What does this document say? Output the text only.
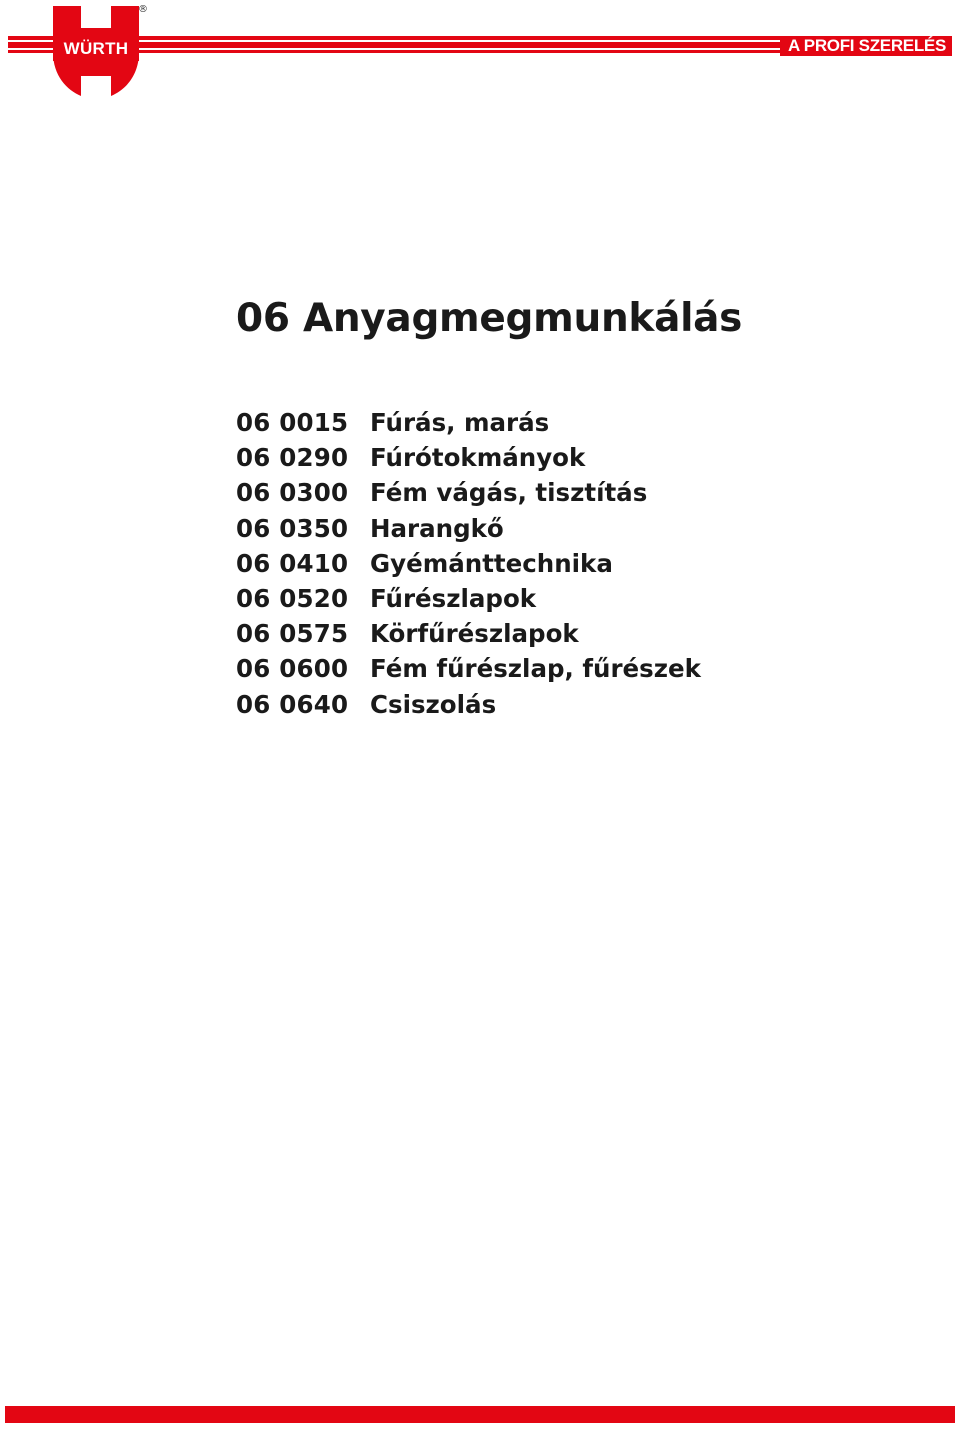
WÜRTH
®
A PROFI SZERELÉS
06 Anyagmegmunkálás
06 0015 Fúrás, marás
06 0290 Fúrótokmányok
06 0300 Fém vágás, tisztítás
06 0350 Harangkő
06 0410 Gyémánttechnika
06 0520 Fűrészlapok
06 0575 Körfűrészlapok
06 0600 Fém fűrészlap, fűrészek
06 0640 Csiszolás
